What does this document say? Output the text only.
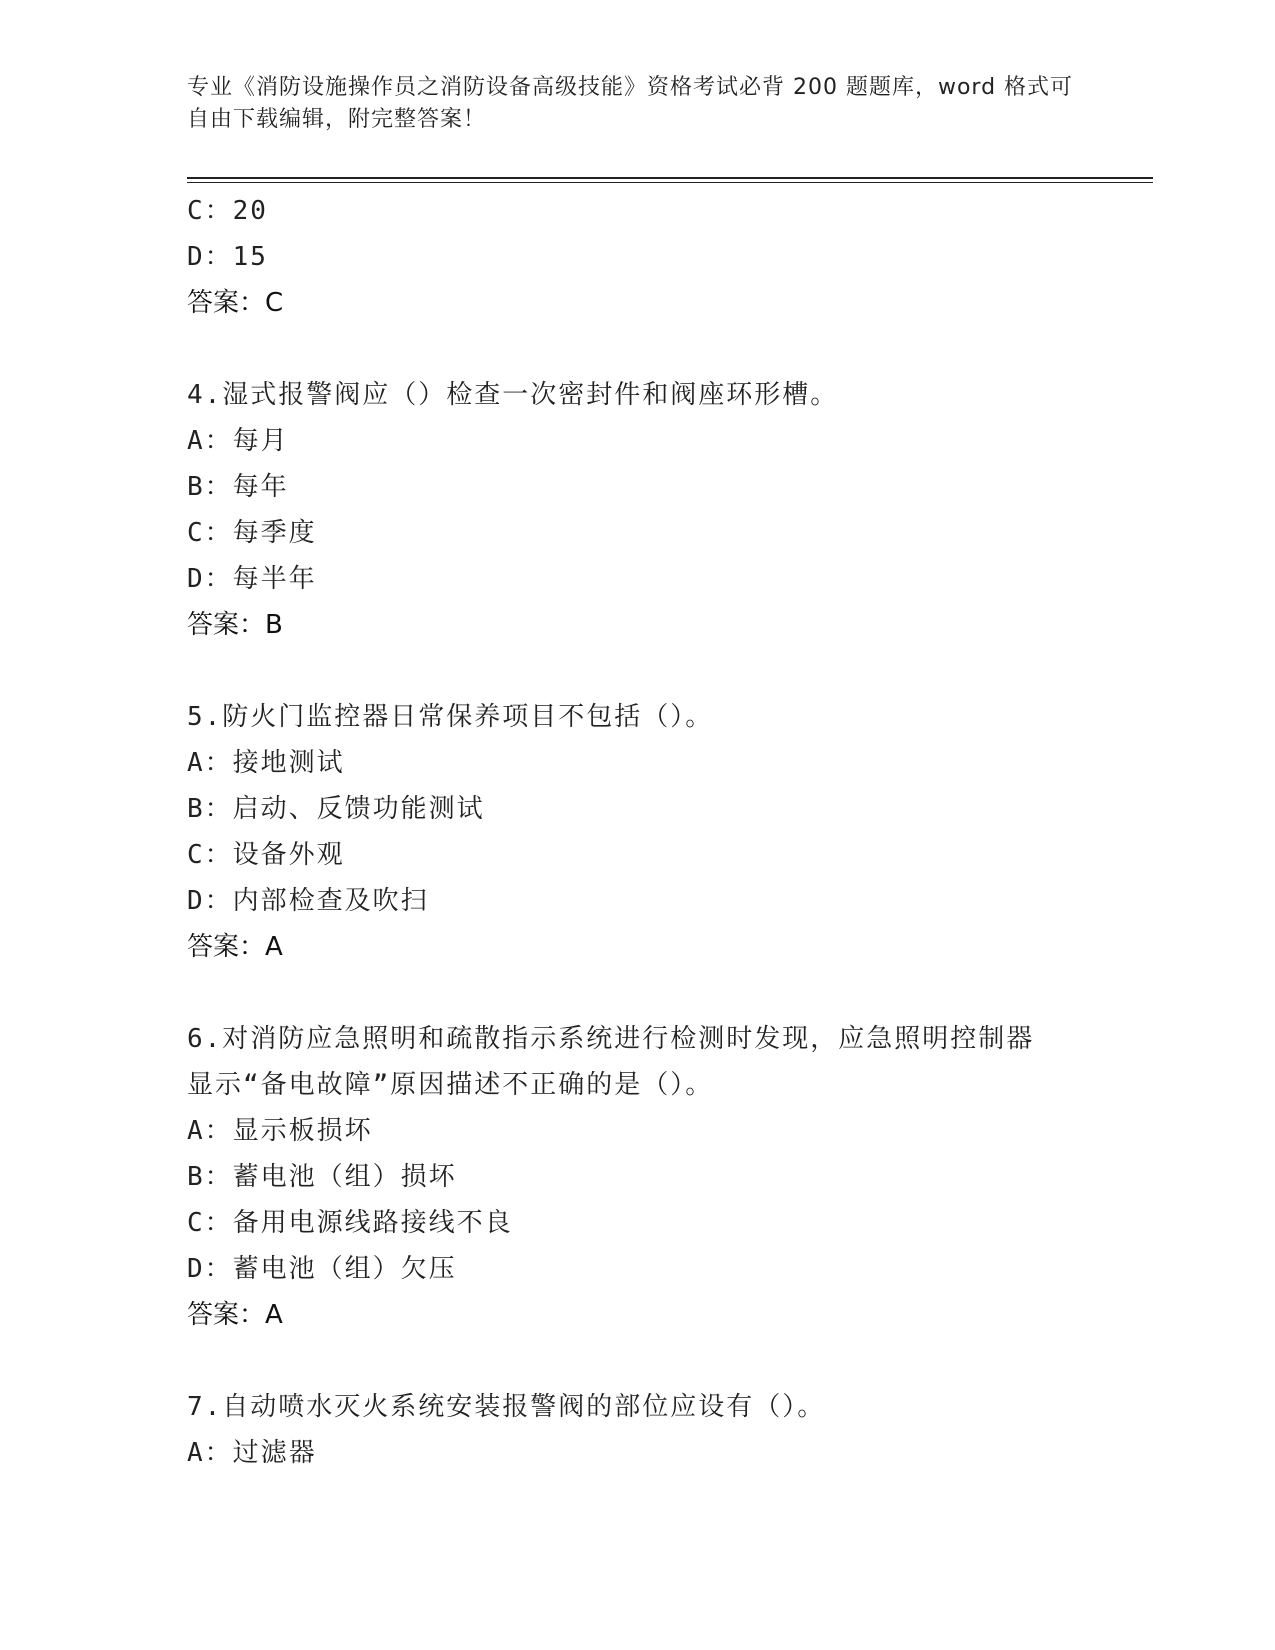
专业《消防设施操作员之消防设备高级技能》资格考试必背 200 题题库，word 格式可自由下载编辑，附完整答案！
C：20
D：15
答案：C
4.湿式报警阀应（）检查一次密封件和阀座环形槽。
A：每月
B：每年
C：每季度
D：每半年
答案：B
5.防火门监控器日常保养项目不包括（）。
A：接地测试
B：启动、反馈功能测试
C：设备外观
D：内部检查及吹扫
答案：A
6.对消防应急照明和疏散指示系统进行检测时发现，应急照明控制器
显示“备电故障”原因描述不正确的是（）。
A：显示板损坏
B：蓄电池（组）损坏
C：备用电源线路接线不良
D：蓄电池（组）欠压
答案：A
7.自动喷水灭火系统安装报警阀的部位应设有（）。
A：过滤器
